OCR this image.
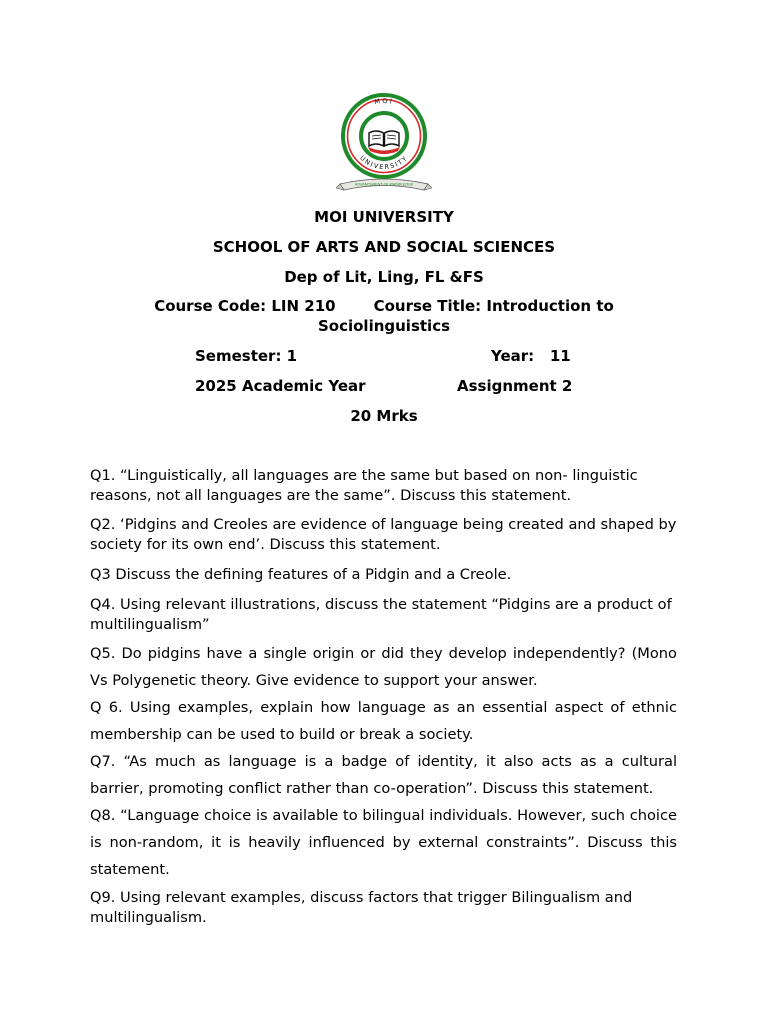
MOI
UNIVERSITY
ADVANCEMENT OF KNOWLEDGE
MOI UNIVERSITY
SCHOOL OF ARTS AND SOCIAL SCIENCES
Dep of Lit, Ling, FL &FS
Course Code: LIN 210	Course Title: Introduction to Sociolinguistics
Semester: 1	Year:   11
2025 Academic Year	Assignment 2
20 Mrks
Q1. “Linguistically, all languages are the same but based on non- linguistic reasons, not all languages are the same”. Discuss this statement.
Q2. ‘Pidgins and Creoles are evidence of language being created and shaped by society for its own end’. Discuss this statement.
Q3 Discuss the defining features of a Pidgin and a Creole.
Q4. Using relevant illustrations, discuss the statement “Pidgins are a product of multilingualism”
Q5. Do pidgins have a single origin or did they develop independently? (Mono Vs Polygenetic theory. Give evidence to support your answer.
Q 6. Using examples, explain how language as an essential aspect of ethnic membership can be used to build or break a society.
Q7. “As much as language is a badge of identity, it also acts as a cultural barrier, promoting conflict rather than co-operation”. Discuss this statement.
Q8. “Language choice is available to bilingual individuals. However, such choice is non-random, it is heavily influenced by external constraints”. Discuss this statement.
Q9. Using relevant examples, discuss factors that trigger Bilingualism and multilingualism.
